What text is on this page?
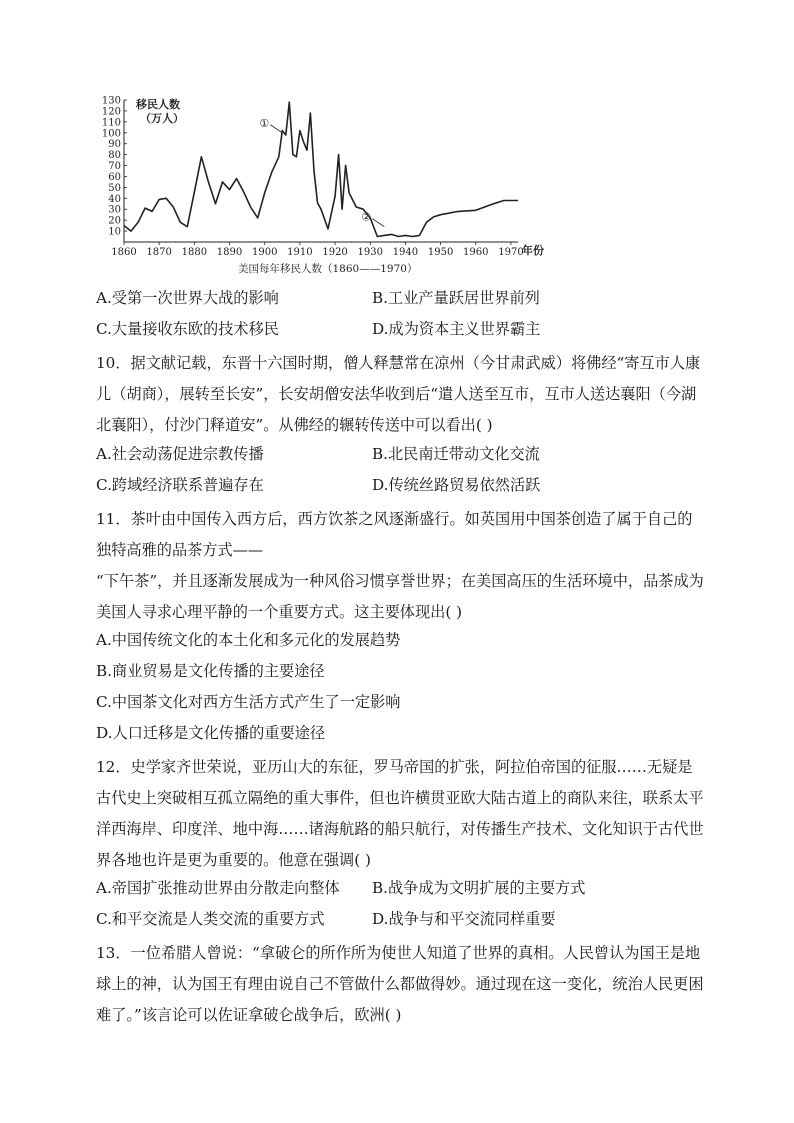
10
20
30
40
50
60
70
80
90
100
110
120
130
1860 1870 1880 1890 1900 1910 1920 1930 1940 1950 1960 1970
①
②
移民人数
（万人）
年份
美国每年移民人数（1860——1970）
A.受第一次世界大战的影响	B.工业产量跃居世界前列
C.大量接收东欧的技术移民	D.成为资本主义世界霸主
10．据文献记载，东晋十六国时期，僧人释慧常在凉州（今甘肃武威）将佛经“寄互市人康儿（胡商），展转至长安”，长安胡僧安法华收到后“遣人送至互市，互市人送达襄阳（今湖北襄阳），付沙门释道安”。从佛经的辗转传送中可以看出( )
A.社会动荡促进宗教传播	B.北民南迁带动文化交流
C.跨域经济联系普遍存在	D.传统丝路贸易依然活跃
11．茶叶由中国传入西方后，西方饮茶之风逐渐盛行。如英国用中国茶创造了属于自己的独特高雅的品茶方式——
“下午茶”，并且逐渐发展成为一种风俗习惯享誉世界；在美国高压的生活环境中，品茶成为美国人寻求心理平静的一个重要方式。这主要体现出( )
A.中国传统文化的本土化和多元化的发展趋势
B.商业贸易是文化传播的主要途径
C.中国茶文化对西方生活方式产生了一定影响
D.人口迁移是文化传播的重要途径
12．史学家齐世荣说，亚历山大的东征，罗马帝国的扩张，阿拉伯帝国的征服……无疑是古代史上突破相互孤立隔绝的重大事件，但也许横贯亚欧大陆古道上的商队来往，联系太平洋西海岸、印度洋、地中海……诸海航路的船只航行，对传播生产技术、文化知识于古代世界各地也许是更为重要的。他意在强调( )
A.帝国扩张推动世界由分散走向整体 B.战争成为文明扩展的主要方式
C.和平交流是人类交流的重要方式	D.战争与和平交流同样重要
13．一位希腊人曾说：“拿破仑的所作所为使世人知道了世界的真相。人民曾认为国王是地球上的神，认为国王有理由说自己不管做什么都做得妙。通过现在这一变化，统治人民更困难了。”该言论可以佐证拿破仑战争后，欧洲( )
